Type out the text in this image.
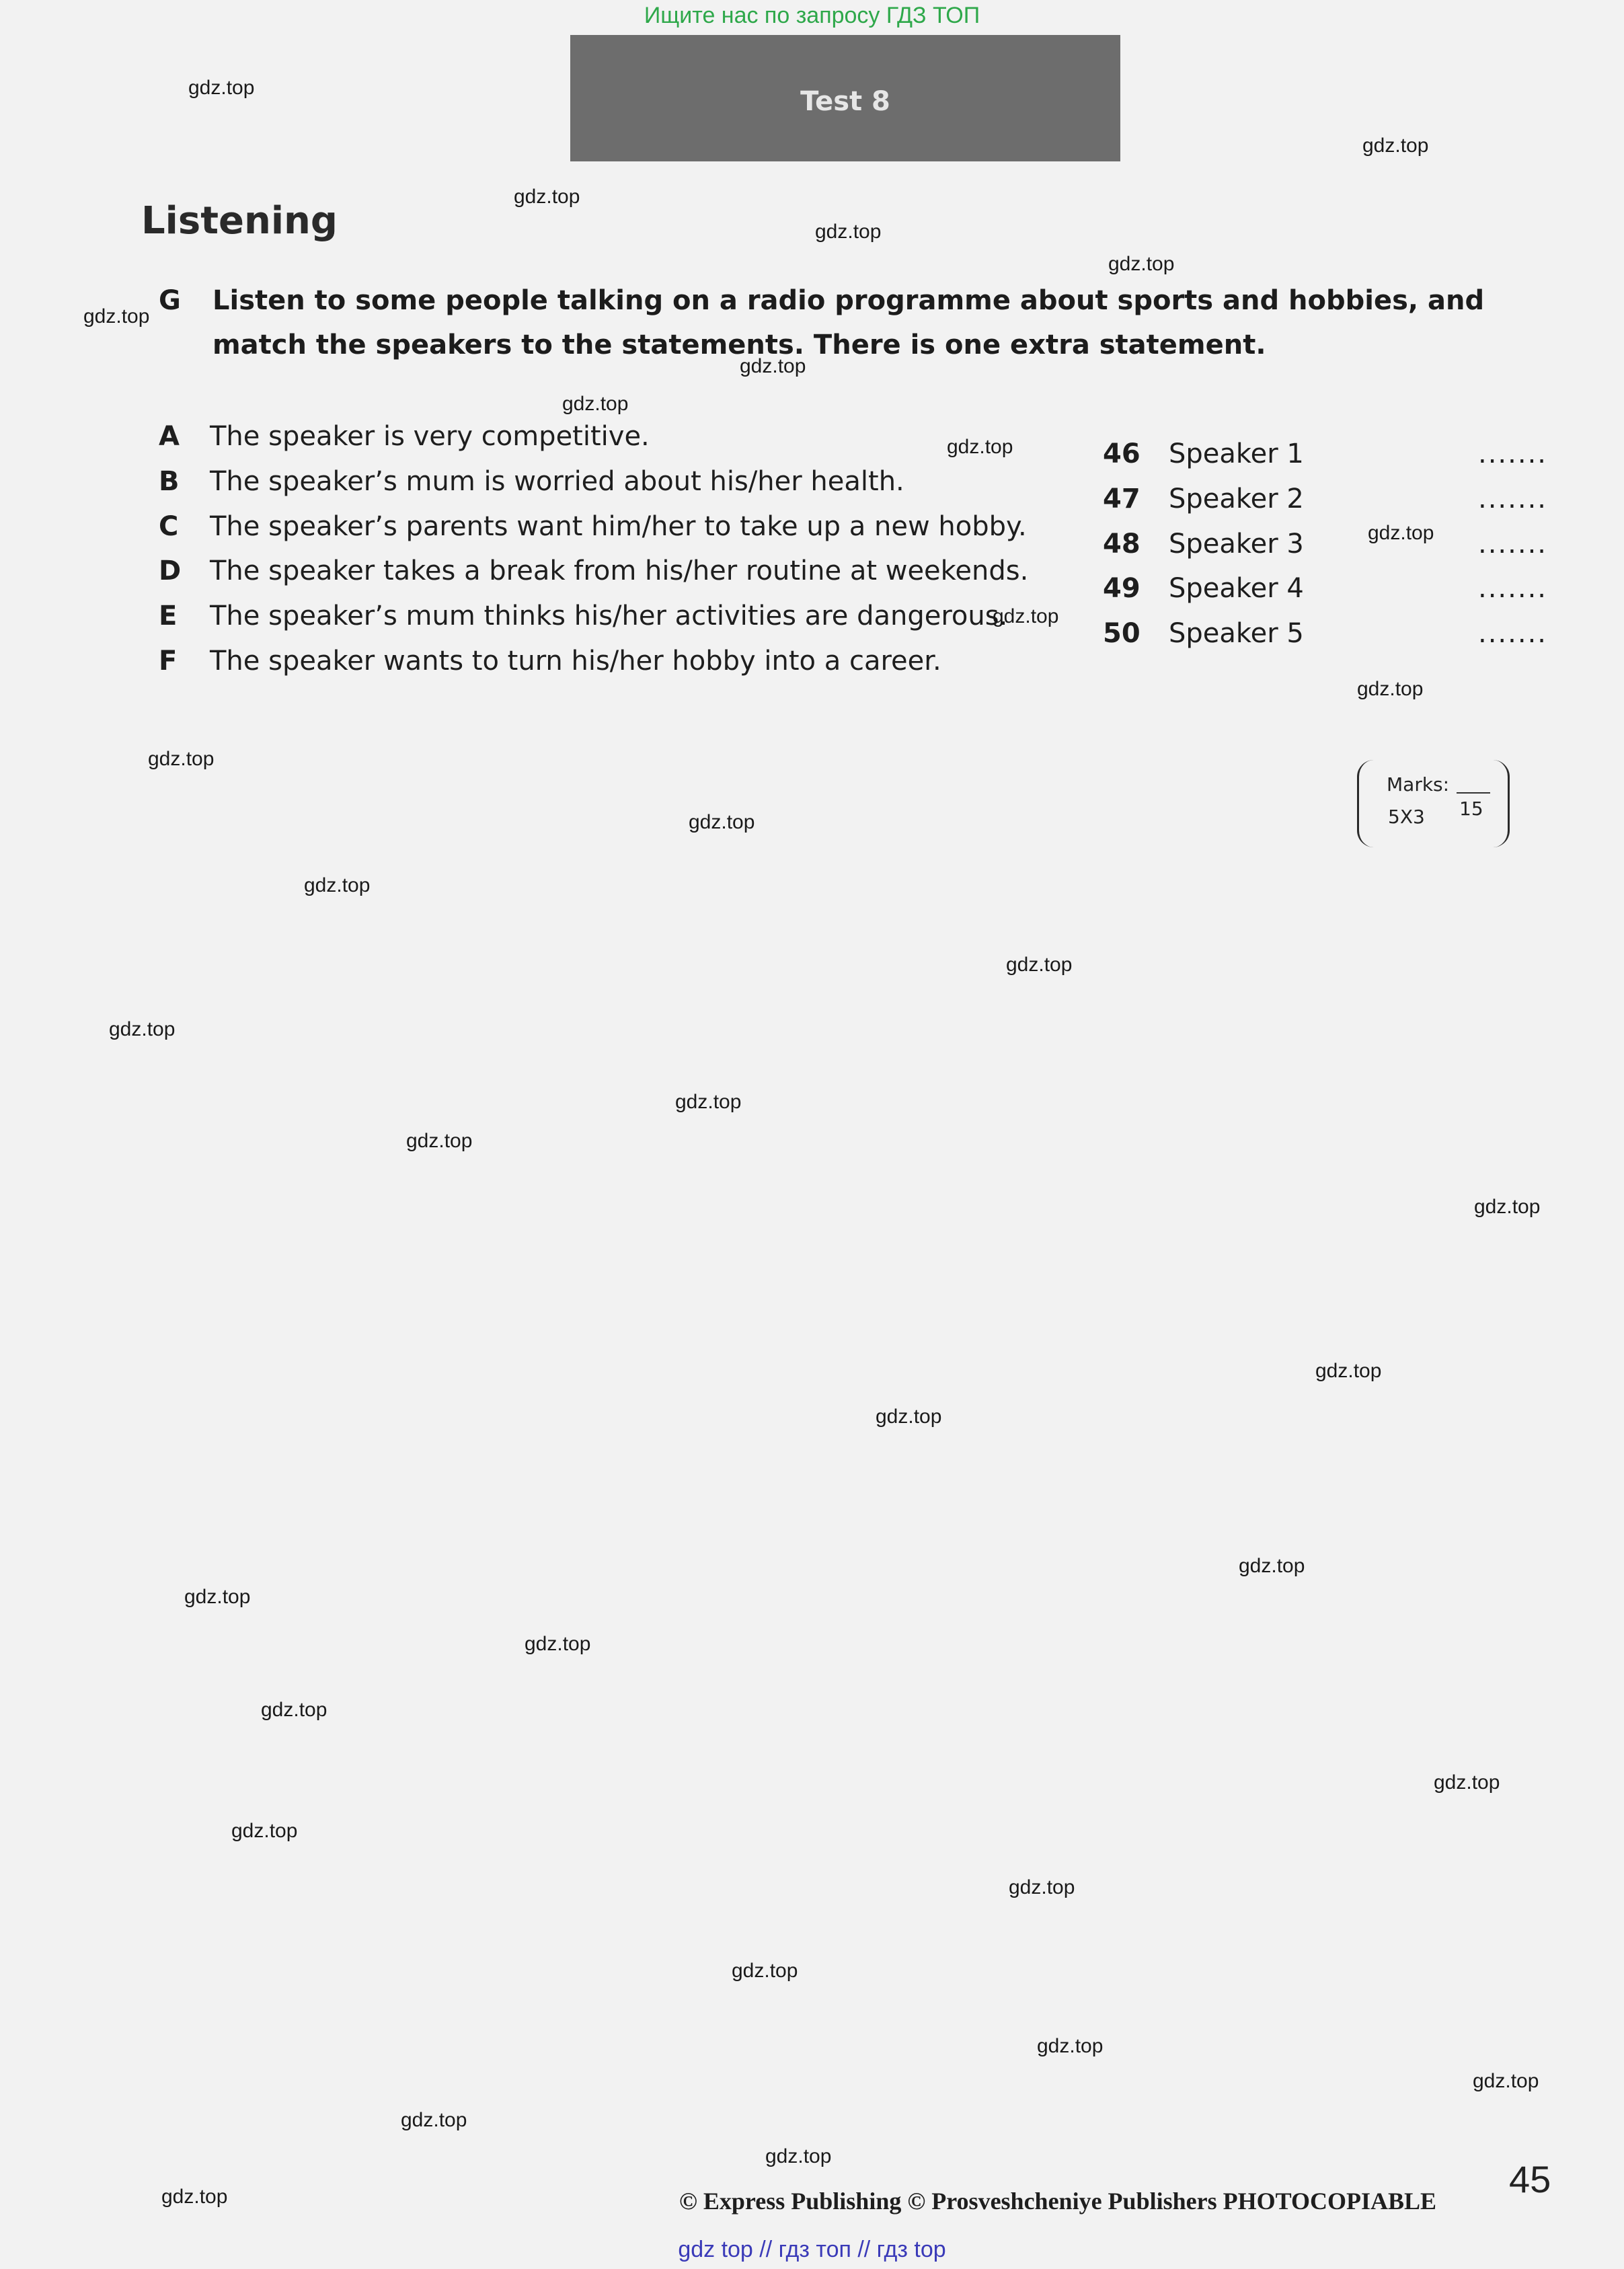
Ищите нас по запросу ГДЗ ТОП
Test 8
Listening
G	Listen to some people talking on a radio programme about sports and hobbies, and match the speakers to the statements. There is one extra statement.
A The speaker is very competitive.
B The speaker’s mum is worried about his/her health.
C The speaker’s parents want him/her to take up a new hobby.
D The speaker takes a break from his/her routine at weekends.
E The speaker’s mum thinks his/her activities are dangerous.
F The speaker wants to turn his/her hobby into a career.
46 Speaker 1	.......
47 Speaker 2	.......
48 Speaker 3	.......
49 Speaker 4	.......
50 Speaker 5	.......
Marks:
15
5X3
gdz.top
gdz.top
gdz.top
gdz.top
gdz.top
gdz.top
gdz.top
gdz.top
gdz.top
gdz.top
gdz.top
gdz.top
gdz.top
gdz.top
gdz.top
gdz.top
gdz.top
gdz.top
gdz.top
gdz.top
gdz.top
gdz.top
gdz.top
gdz.top
gdz.top
gdz.top
gdz.top
gdz.top
gdz.top
gdz.top
gdz.top
gdz.top
gdz.top
gdz.top
gdz.top	© Express Publishing © Prosveshcheniye Publishers PHOTOCOPIABLE
45
gdz top // гдз топ // гдз top
